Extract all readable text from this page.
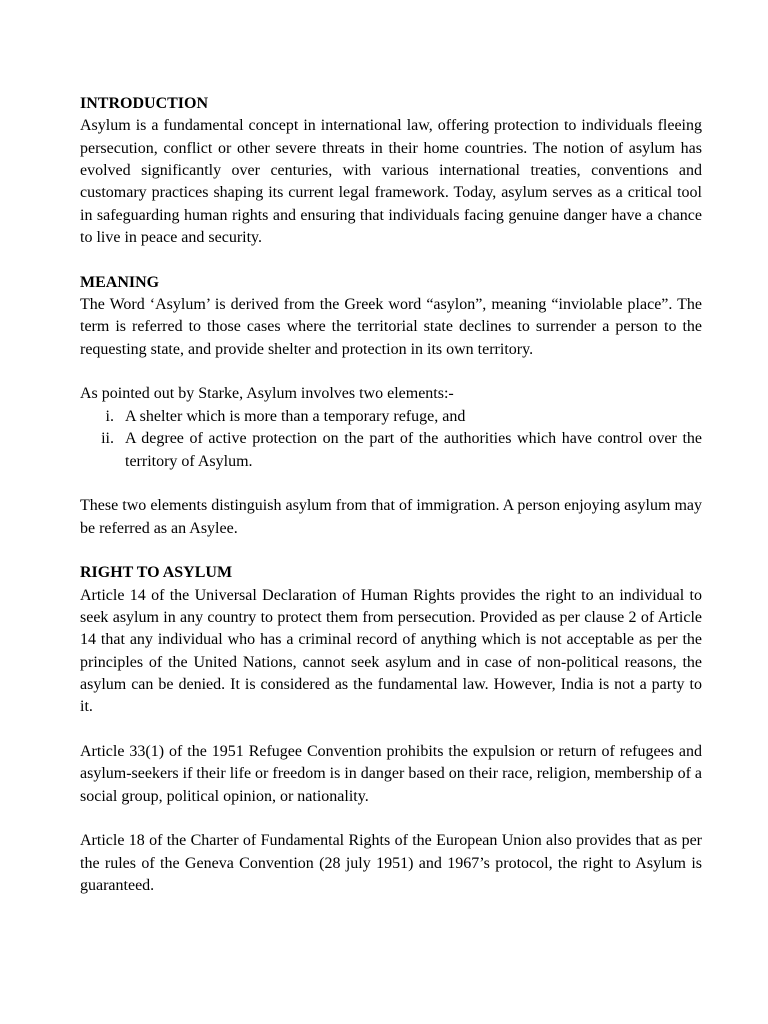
INTRODUCTION

Asylum is a fundamental concept in international law, offering protection to individuals fleeing persecution, conflict or other severe threats in their home countries. The notion of asylum has evolved significantly over centuries, with various international treaties, conventions and customary practices shaping its current legal framework. Today, asylum serves as a critical tool in safeguarding human rights and ensuring that individuals facing genuine danger have a chance to live in peace and security.

MEANING

The Word ‘Asylum’ is derived from the Greek word “asylon”, meaning “inviolable place”. The term is referred to those cases where the territorial state declines to surrender a person to the requesting state, and provide shelter and protection in its own territory.

As pointed out by Starke, Asylum involves two elements:-

i. A shelter which is more than a temporary refuge, and
ii. A degree of active protection on the part of the authorities which have control over the territory of Asylum.

These two elements distinguish asylum from that of immigration. A person enjoying asylum may be referred as an Asylee.

RIGHT TO ASYLUM

Article 14 of the Universal Declaration of Human Rights provides the right to an individual to seek asylum in any country to protect them from persecution. Provided as per clause 2 of Article 14 that any individual who has a criminal record of anything which is not acceptable as per the principles of the United Nations, cannot seek asylum and in case of non-political reasons, the asylum can be denied. It is considered as the fundamental law. However, India is not a party to it.

Article 33(1) of the 1951 Refugee Convention prohibits the expulsion or return of refugees and asylum-seekers if their life or freedom is in danger based on their race, religion, membership of a social group, political opinion, or nationality.

Article 18 of the Charter of Fundamental Rights of the European Union also provides that as per the rules of the Geneva Convention (28 july 1951) and 1967’s protocol, the right to Asylum is guaranteed.
